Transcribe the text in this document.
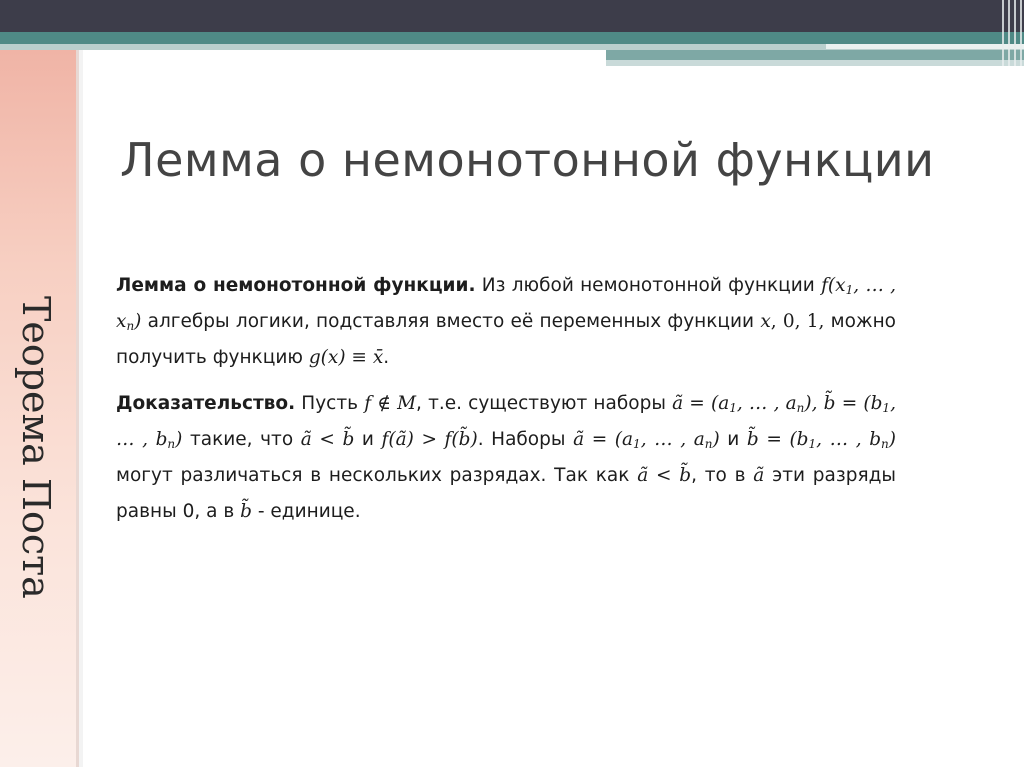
Теорема Поста
Лемма о немонотонной функции

Лемма о немонотонной функции. Из любой немонотонной функции $f(x_1$, … , $x_n$) алгебры логики, подставляя вместо её переменных функции x, 0, 1, можно получить функцию g(x) ≡ x̄.

Доказательство. Пусть f ∉ M, т.е. существуют наборы ã = ($a_1$, … , $a_n$), b̃ = ($b_1$, … , $b_n$) такие, что ã < b̃ и f(ã) > f(b̃). Наборы ã = ($a_1$, … , $a_n$) и b̃ = ($b_1$, … , $b_n$) могут различаться в нескольких разрядах. Так как ã < b̃, то в ã эти разряды равны 0, а в b̃ - единице.
